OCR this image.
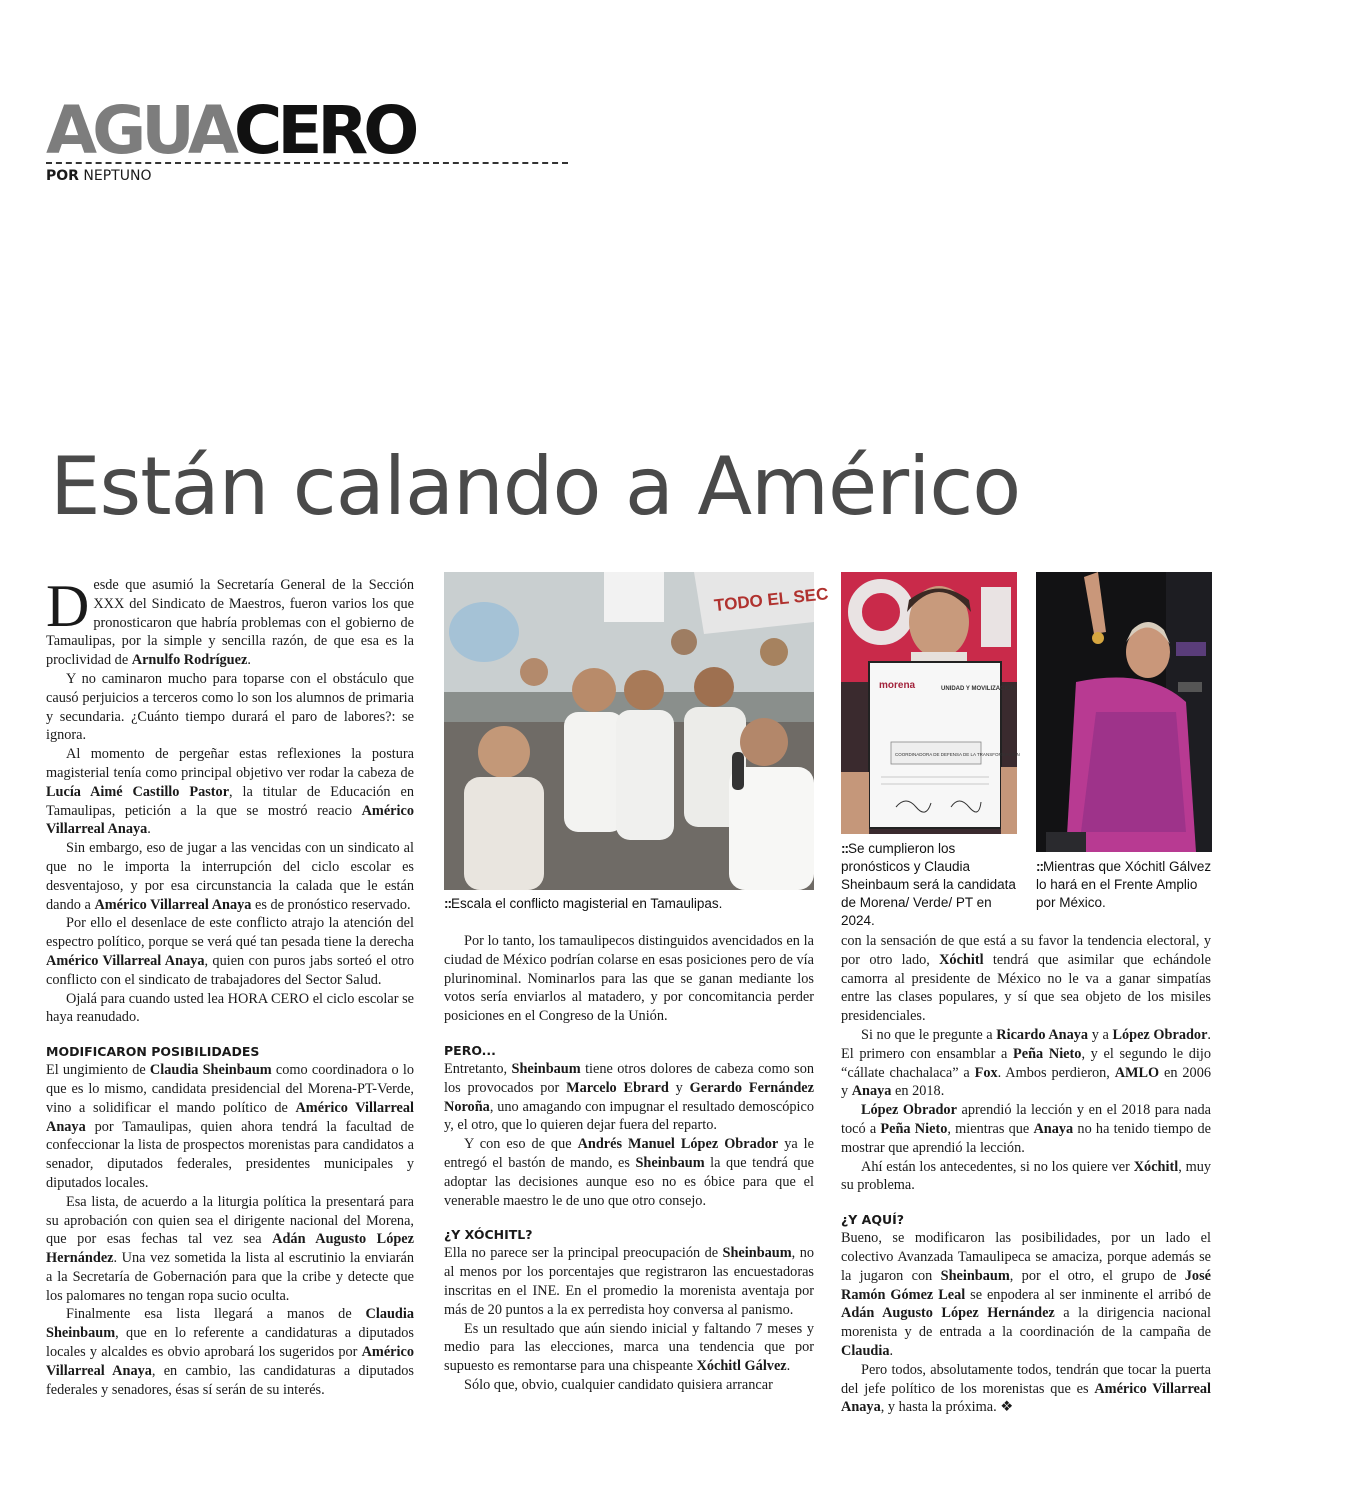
AGUACERO
POR NEPTUNO
Están calando a Américo

Desde que asumió la Secretaría General de la Sección XXX del Sindicato de Maestros, fueron varios los que pronosticaron que habría problemas con el gobierno de Tamaulipas, por la simple y sencilla razón, de que esa es la proclividad de Arnulfo Rodríguez.

Y no caminaron mucho para toparse con el obstáculo que causó perjuicios a terceros como lo son los alumnos de primaria y secundaria. ¿Cuánto tiempo durará el paro de labores?: se ignora.

Al momento de pergeñar estas reflexiones la postura magisterial tenía como principal objetivo ver rodar la cabeza de Lucía Aimé Castillo Pastor, la titular de Educación en Tamaulipas, petición a la que se mostró reacio Américo Villarreal Anaya.

Sin embargo, eso de jugar a las vencidas con un sindicato al que no le importa la interrupción del ciclo escolar es desventajoso, y por esa circunstancia la calada que le están dando a Américo Villarreal Anaya es de pronóstico reservado.

Por ello el desenlace de este conflicto atrajo la atención del espectro político, porque se verá qué tan pesada tiene la derecha Américo Villarreal Anaya, quien con puros jabs sorteó el otro conflicto con el sindicato de trabajadores del Sector Salud.

Ojalá para cuando usted lea HORA CERO el ciclo escolar se haya reanudado.

MODIFICARON POSIBILIDADES

El ungimiento de Claudia Sheinbaum como coordinadora o lo que es lo mismo, candidata presidencial del Morena-PT-Verde, vino a solidificar el mando político de Américo Villarreal Anaya por Tamaulipas, quien ahora tendrá la facultad de confeccionar la lista de prospectos morenistas para candidatos a senador, diputados federales, presidentes municipales y diputados locales.

Esa lista, de acuerdo a la liturgia política la presentará para su aprobación con quien sea el dirigente nacional del Morena, que por esas fechas tal vez sea Adán Augusto López Hernández. Una vez sometida la lista al escrutinio la enviarán a la Secretaría de Gobernación para que la cribe y detecte que los palomares no tengan ropa sucio oculta.

Finalmente esa lista llegará a manos de Claudia Sheinbaum, que en lo referente a candidaturas a diputados locales y alcaldes es obvio aprobará los sugeridos por Américo Villarreal Anaya, en cambio, las candidaturas a diputados federales y senadores, ésas sí serán de su interés.

TODO EL SEC
::Escala el conflicto magisterial en Tamaulipas.
morena	UNIDAD Y MOVILIZACIÓN
COORDINADORA DE DEFENSA DE LA TRANSFORMACIÓN
::Se cumplieron los pronósticos y Claudia Sheinbaum será la candidata de Morena/ Verde/ PT en 2024.
::Mientras que Xóchitl Gálvez lo hará en el Frente Amplio por México.

Por lo tanto, los tamaulipecos distinguidos avencidados en la ciudad de México podrían colarse en esas posiciones pero de vía plurinominal. Nominarlos para las que se ganan mediante los votos sería enviarlos al matadero, y por concomitancia perder posiciones en el Congreso de la Unión.

PERO...

Entretanto, Sheinbaum tiene otros dolores de cabeza como son los provocados por Marcelo Ebrard y Gerardo Fernández Noroña, uno amagando con impugnar el resultado demoscópico y, el otro, que lo quieren dejar fuera del reparto.

Y con eso de que Andrés Manuel López Obrador ya le entregó el bastón de mando, es Sheinbaum la que tendrá que adoptar las decisiones aunque eso no es óbice para que el venerable maestro le de uno que otro consejo.

¿Y XÓCHITL?

Ella no parece ser la principal preocupación de Sheinbaum, no al menos por los porcentajes que registraron las encuestadoras inscritas en el INE. En el promedio la morenista aventaja por más de 20 puntos a la ex perredista hoy conversa al panismo.

Es un resultado que aún siendo inicial y faltando 7 meses y medio para las elecciones, marca una tendencia que por supuesto es remontarse para una chispeante Xóchitl Gálvez.

Sólo que, obvio, cualquier candidato quisiera arrancar

con la sensación de que está a su favor la tendencia electoral, y por otro lado, Xóchitl tendrá que asimilar que echándole camorra al presidente de México no le va a ganar simpatías entre las clases populares, y sí que sea objeto de los misiles presidenciales.

Si no que le pregunte a Ricardo Anaya y a López Obrador. El primero con ensamblar a Peña Nieto, y el segundo le dijo “cállate chachalaca” a Fox. Ambos perdieron, AMLO en 2006 y Anaya en 2018.

López Obrador aprendió la lección y en el 2018 para nada tocó a Peña Nieto, mientras que Anaya no ha tenido tiempo de mostrar que aprendió la lección.

Ahí están los antecedentes, si no los quiere ver Xóchitl, muy su problema.

¿Y AQUÍ?

Bueno, se modificaron las posibilidades, por un lado el colectivo Avanzada Tamaulipeca se amaciza, porque además se la jugaron con Sheinbaum, por el otro, el grupo de José Ramón Gómez Leal se enpodera al ser inminente el arribó de Adán Augusto López Hernández a la dirigencia nacional morenista y de entrada a la coordinación de la campaña de Claudia.

Pero todos, absolutamente todos, tendrán que tocar la puerta del jefe político de los morenistas que es Américo Villarreal Anaya, y hasta la próxima. ❖
